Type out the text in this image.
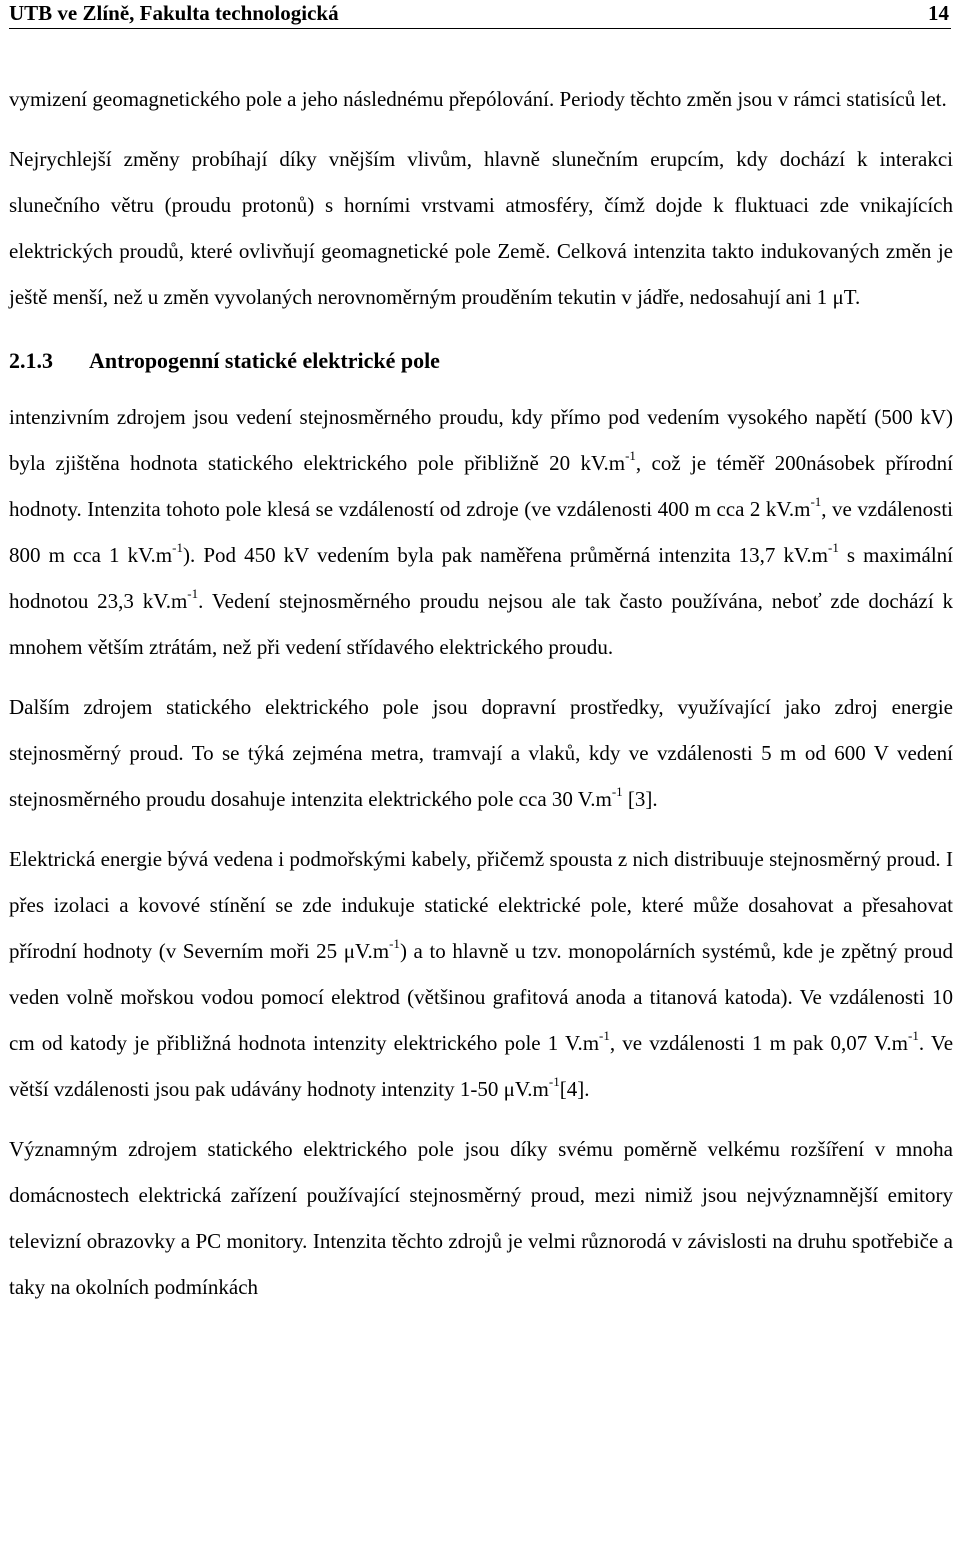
UTB ve Zlíně, Fakulta technologická	14

vymizení geomagnetického pole a jeho následnému přepólování. Periody těchto změn jsou v rámci statisíců let.

Nejrychlejší změny probíhají díky vnějším vlivům, hlavně slunečním erupcím, kdy dochází k interakci slunečního větru (proudu protonů) s horními vrstvami atmosféry, čímž dojde k fluktuaci zde vnikajících elektrických proudů, které ovlivňují geomagnetické pole Země. Celková intenzita takto indukovaných změn je ještě menší, než u změn vyvolaných nerovnoměrným prouděním tekutin v jádře, nedosahují ani 1 μT.

2.1.3 Antropogenní statické elektrické pole

intenzivním zdrojem jsou vedení stejnosměrného proudu, kdy přímo pod vedením vysokého napětí (500 kV) byla zjištěna hodnota statického elektrického pole přibližně 20 $kV.m^{-1}$, což je téměř 200násobek přírodní hodnoty. Intenzita tohoto pole klesá se vzdáleností od zdroje (ve vzdálenosti 400 m cca 2 $kV.m^{-1}$, ve vzdálenosti 800 m cca 1 $kV.m^{-1}$). Pod 450 kV vedením byla pak naměřena průměrná intenzita 13,7 $kV.m^{-1}$ s maximální hodnotou 23,3 $kV.m^{-1}$. Vedení stejnosměrného proudu nejsou ale tak často používána, neboť zde dochází k mnohem větším ztrátám, než při vedení střídavého elektrického proudu.

Dalším zdrojem statického elektrického pole jsou dopravní prostředky, využívající jako zdroj energie stejnosměrný proud. To se týká zejména metra, tramvají a vlaků, kdy ve vzdálenosti 5 m od 600 V vedení stejnosměrného proudu dosahuje intenzita elektrického pole cca 30 $V.m^{-1}$ [3].

Elektrická energie bývá vedena i podmořskými kabely, přičemž spousta z nich distribuuje stejnosměrný proud. I přes izolaci a kovové stínění se zde indukuje statické elektrické pole, které může dosahovat a přesahovat přírodní hodnoty (v Severním moři 25 $\mu V.m^{-1}$) a to hlavně u tzv. monopolárních systémů, kde je zpětný proud veden volně mořskou vodou pomocí elektrod (většinou grafitová anoda a titanová katoda). Ve vzdálenosti 10 cm od katody je přibližná hodnota intenzity elektrického pole 1 $V.m^{-1}$, ve vzdálenosti 1 m pak 0,07 $V.m^{-1}$. Ve větší vzdálenosti jsou pak udávány hodnoty intenzity 1-50 $\mu V.m^{-1}[4]$.

Významným zdrojem statického elektrického pole jsou díky svému poměrně velkému rozšíření v mnoha domácnostech elektrická zařízení používající stejnosměrný proud, mezi nimiž jsou nejvýznamnější emitory televizní obrazovky a PC monitory. Intenzita těchto zdrojů je velmi různorodá v závislosti na druhu spotřebiče a taky na okolních podmínkách
